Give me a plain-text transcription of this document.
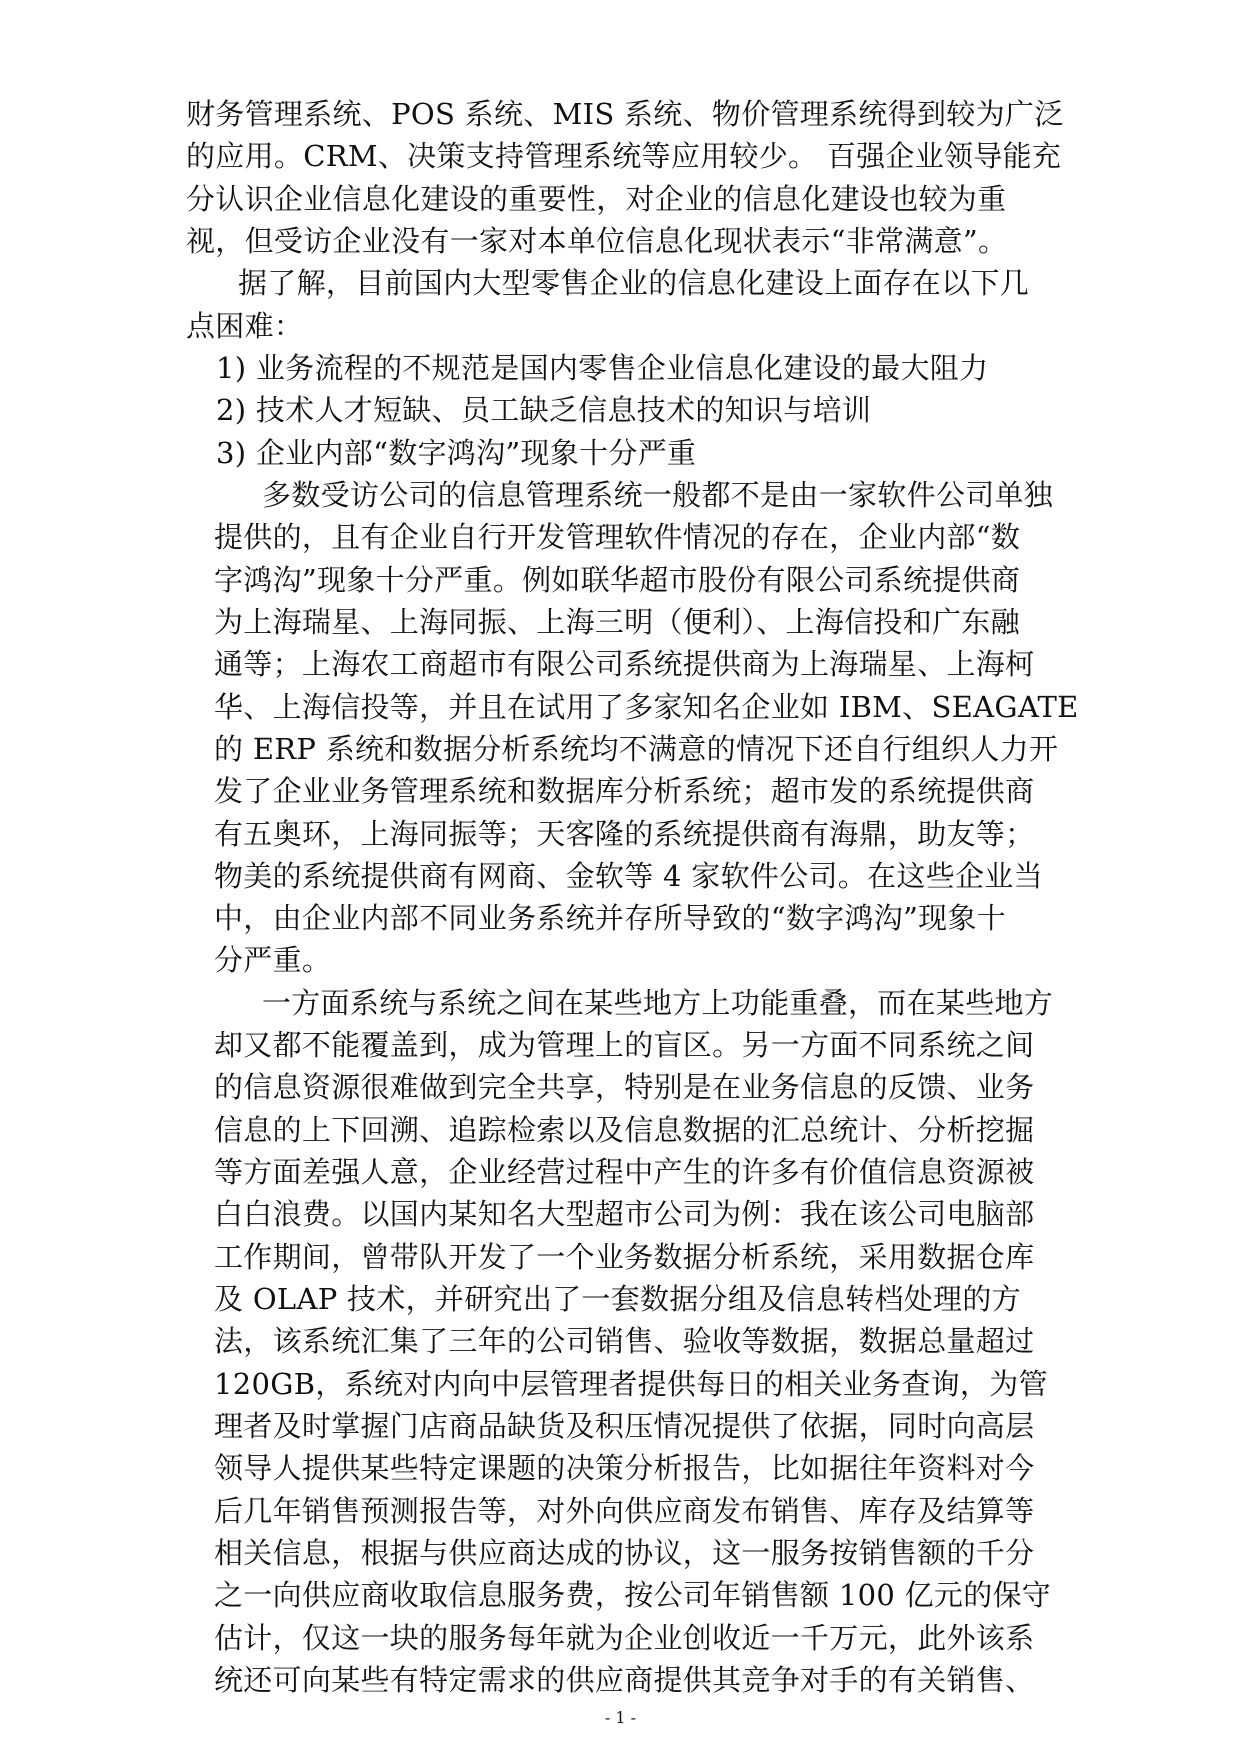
财务管理系统、POS 系统、MIS 系统、物价管理系统得到较为广泛
的应用。CRM、决策支持管理系统等应用较少。 百强企业领导能充
分认识企业信息化建设的重要性，对企业的信息化建设也较为重
视，但受访企业没有一家对本单位信息化现状表示“非常满意”。
据了解，目前国内大型零售企业的信息化建设上面存在以下几
点困难：
1) 业务流程的不规范是国内零售企业信息化建设的最大阻力
2) 技术人才短缺、员工缺乏信息技术的知识与培训
3) 企业内部“数字鸿沟”现象十分严重
多数受访公司的信息管理系统一般都不是由一家软件公司单独
提供的，且有企业自行开发管理软件情况的存在，企业内部“数
字鸿沟”现象十分严重。例如联华超市股份有限公司系统提供商
为上海瑞星、上海同振、上海三明（便利）、上海信投和广东融
通等；上海农工商超市有限公司系统提供商为上海瑞星、上海柯
华、上海信投等，并且在试用了多家知名企业如 IBM、SEAGATE
的 ERP 系统和数据分析系统均不满意的情况下还自行组织人力开
发了企业业务管理系统和数据库分析系统；超市发的系统提供商
有五奥环，上海同振等；天客隆的系统提供商有海鼎，助友等；
物美的系统提供商有网商、金软等 4 家软件公司。在这些企业当
中，由企业内部不同业务系统并存所导致的“数字鸿沟”现象十
分严重。
一方面系统与系统之间在某些地方上功能重叠，而在某些地方
却又都不能覆盖到，成为管理上的盲区。另一方面不同系统之间
的信息资源很难做到完全共享，特别是在业务信息的反馈、业务
信息的上下回溯、追踪检索以及信息数据的汇总统计、分析挖掘
等方面差强人意，企业经营过程中产生的许多有价值信息资源被
白白浪费。以国内某知名大型超市公司为例：我在该公司电脑部
工作期间，曾带队开发了一个业务数据分析系统，采用数据仓库
及 OLAP 技术，并研究出了一套数据分组及信息转档处理的方
法，该系统汇集了三年的公司销售、验收等数据，数据总量超过
120GB，系统对内向中层管理者提供每日的相关业务查询，为管
理者及时掌握门店商品缺货及积压情况提供了依据，同时向高层
领导人提供某些特定课题的决策分析报告，比如据往年资料对今
后几年销售预测报告等，对外向供应商发布销售、库存及结算等
相关信息，根据与供应商达成的协议，这一服务按销售额的千分
之一向供应商收取信息服务费，按公司年销售额 100 亿元的保守
估计，仅这一块的服务每年就为企业创收近一千万元，此外该系
统还可向某些有特定需求的供应商提供其竞争对手的有关销售、
- 1 -
